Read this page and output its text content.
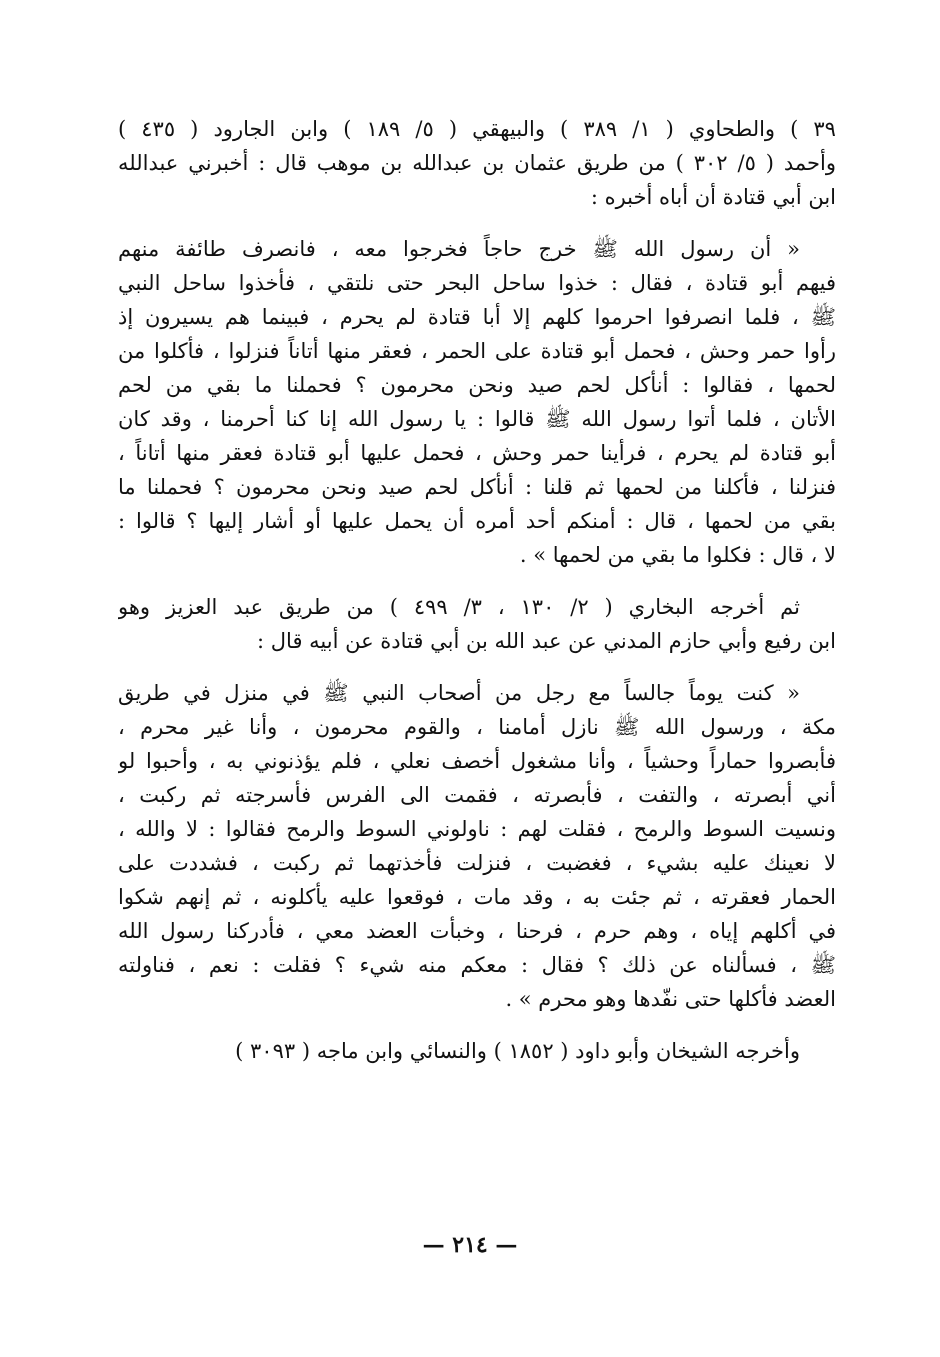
٣٩ ) والطحاوي ( ١/ ٣٨٩ ) والبيهقي ( ٥/ ١٨٩ ) وابن الجارود ( ٤٣٥ )
وأحمد ( ٥/ ٣٠٢ ) من طريق عثمان بن عبدالله بن موهب قال : أخبرني عبدالله
ابن أبي قتادة أن أباه أخبره :
« أن رسول الله ﷺ خرج حاجاً فخرجوا معه ، فانصرف طائفة منهم
فيهم أبو قتادة ، فقال : خذوا ساحل البحر حتى نلتقي ، فأخذوا ساحل النبي
ﷺ ، فلما انصرفوا احرموا كلهم إلا أبا قتادة لم يحرم ، فبينما هم يسيرون إذ
رأوا حمر وحش ، فحمل أبو قتادة على الحمر ، فعقر منها أتاناً فنزلوا ، فأكلوا من
لحمها ، فقالوا : أنأكل لحم صيد ونحن محرمون ؟ فحملنا ما بقي من لحم
الأتان ، فلما أتوا رسول الله ﷺ قالوا : يا رسول الله إنا كنا أحرمنا ، وقد كان
أبو قتادة لم يحرم ، فرأينا حمر وحش ، فحمل عليها أبو قتادة فعقر منها أتاناً ،
فنزلنا ، فأكلنا من لحمها ثم قلنا : أنأكل لحم صيد ونحن محرمون ؟ فحملنا ما
بقي من لحمها ، قال : أمنكم أحد أمره أن يحمل عليها أو أشار إليها ؟ قالوا :
لا ، قال : فكلوا ما بقي من لحمها » .
ثم أخرجه البخاري ( ٢/ ١٣٠ ، ٣/ ٤٩٩ ) من طريق عبد العزيز وهو
ابن رفيع وأبي حازم المدني عن عبد الله بن أبي قتادة عن أبيه قال :
« كنت يوماً جالساً مع رجل من أصحاب النبي ﷺ في منزل في طريق
مكة ، ورسول الله ﷺ نازل أمامنا ، والقوم محرمون ، وأنا غير محرم ،
فأبصروا حماراً وحشياً ، وأنا مشغول أخصف نعلي ، فلم يؤذنوني به ، وأحبوا لو
أني أبصرته ، والتفت ، فأبصرته ، فقمت الى الفرس فأسرجته ثم ركبت ،
ونسيت السوط والرمح ، فقلت لهم : ناولوني السوط والرمح فقالوا : لا والله ،
لا نعينك عليه بشيء ، فغضبت ، فنزلت فأخذتهما ثم ركبت ، فشددت على
الحمار فعقرته ، ثم جئت به ، وقد مات ، فوقعوا عليه يأكلونه ، ثم إنهم شكوا
في أكلهم إياه ، وهم حرم ، فرحنا ، وخبأت العضد معي ، فأدركنا رسول الله
ﷺ ، فسألناه عن ذلك ؟ فقال : معكم منه شيء ؟ فقلت : نعم ، فناولته
العضد فأكلها حتى نفّدها وهو محرم » .
وأخرجه الشيخان وأبو داود ( ١٨٥٢ ) والنسائي وابن ماجه ( ٣٠٩٣ )
— ٢١٤ —
